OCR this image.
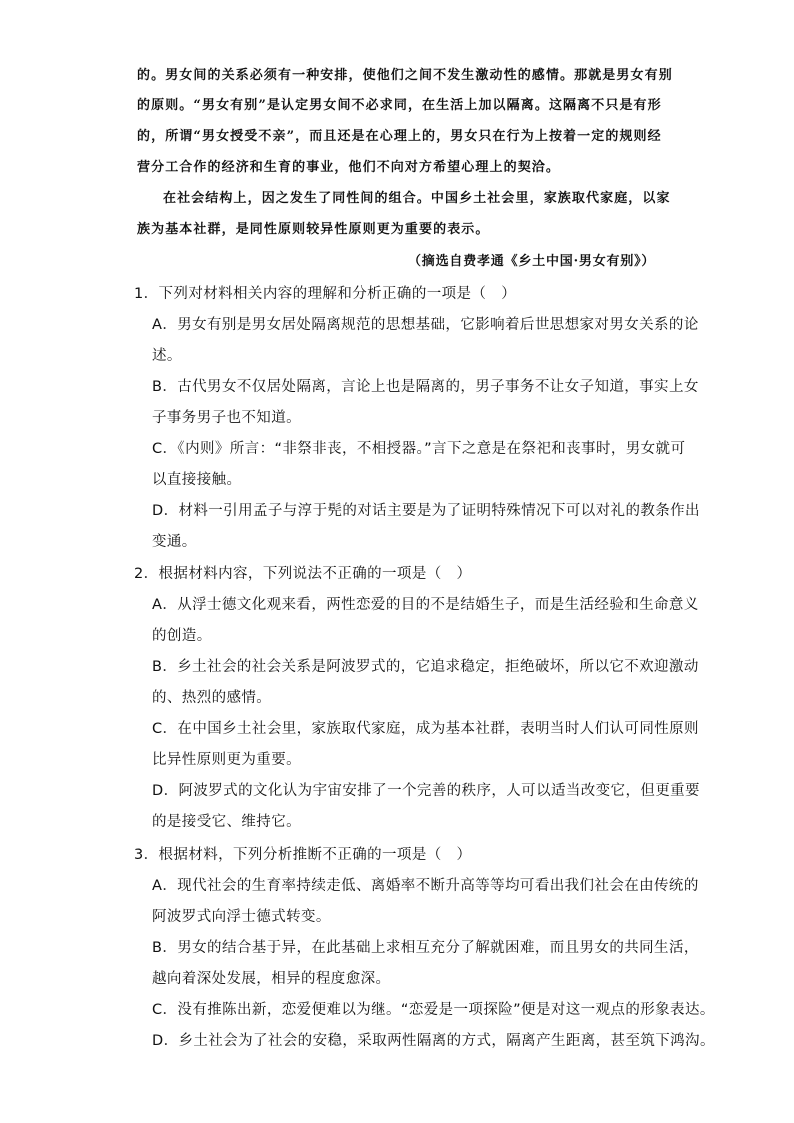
的。男女间的关系必须有一种安排，使他们之间不发生激动性的感情。那就是男女有别
的原则。“男女有别”是认定男女间不必求同，在生活上加以隔离。这隔离不只是有形
的，所谓“男女授受不亲”，而且还是在心理上的，男女只在行为上按着一定的规则经
营分工合作的经济和生育的事业，他们不向对方希望心理上的契洽。
在社会结构上，因之发生了同性间的组合。中国乡土社会里，家族取代家庭，以家
族为基本社群，是同性原则较异性原则更为重要的表示。
（摘选自费孝通《乡土中国·男女有别》）
1．下列对材料相关内容的理解和分析正确的一项是（　）
A．男女有别是男女居处隔离规范的思想基础，它影响着后世思想家对男女关系的论
述。
B．古代男女不仅居处隔离，言论上也是隔离的，男子事务不让女子知道，事实上女
子事务男子也不知道。
C．《内则》所言：“非祭非丧，不相授器。”言下之意是在祭祀和丧事时，男女就可
以直接接触。
D．材料一引用孟子与淳于髡的对话主要是为了证明特殊情况下可以对礼的教条作出
变通。
2．根据材料内容，下列说法不正确的一项是（　）
A．从浮士德文化观来看，两性恋爱的目的不是结婚生子，而是生活经验和生命意义
的创造。
B．乡土社会的社会关系是阿波罗式的，它追求稳定，拒绝破坏，所以它不欢迎激动
的、热烈的感情。
C．在中国乡土社会里，家族取代家庭，成为基本社群，表明当时人们认可同性原则
比异性原则更为重要。
D．阿波罗式的文化认为宇宙安排了一个完善的秩序，人可以适当改变它，但更重要
的是接受它、维持它。
3．根据材料，下列分析推断不正确的一项是（　）
A．现代社会的生育率持续走低、离婚率不断升高等等均可看出我们社会在由传统的
阿波罗式向浮士德式转变。
B．男女的结合基于异，在此基础上求相互充分了解就困难，而且男女的共同生活，
越向着深处发展，相异的程度愈深。
C．没有推陈出新，恋爱便难以为继。“恋爱是一项探险”便是对这一观点的形象表达。
D．乡土社会为了社会的安稳，采取两性隔离的方式，隔离产生距离，甚至筑下鸿沟。
